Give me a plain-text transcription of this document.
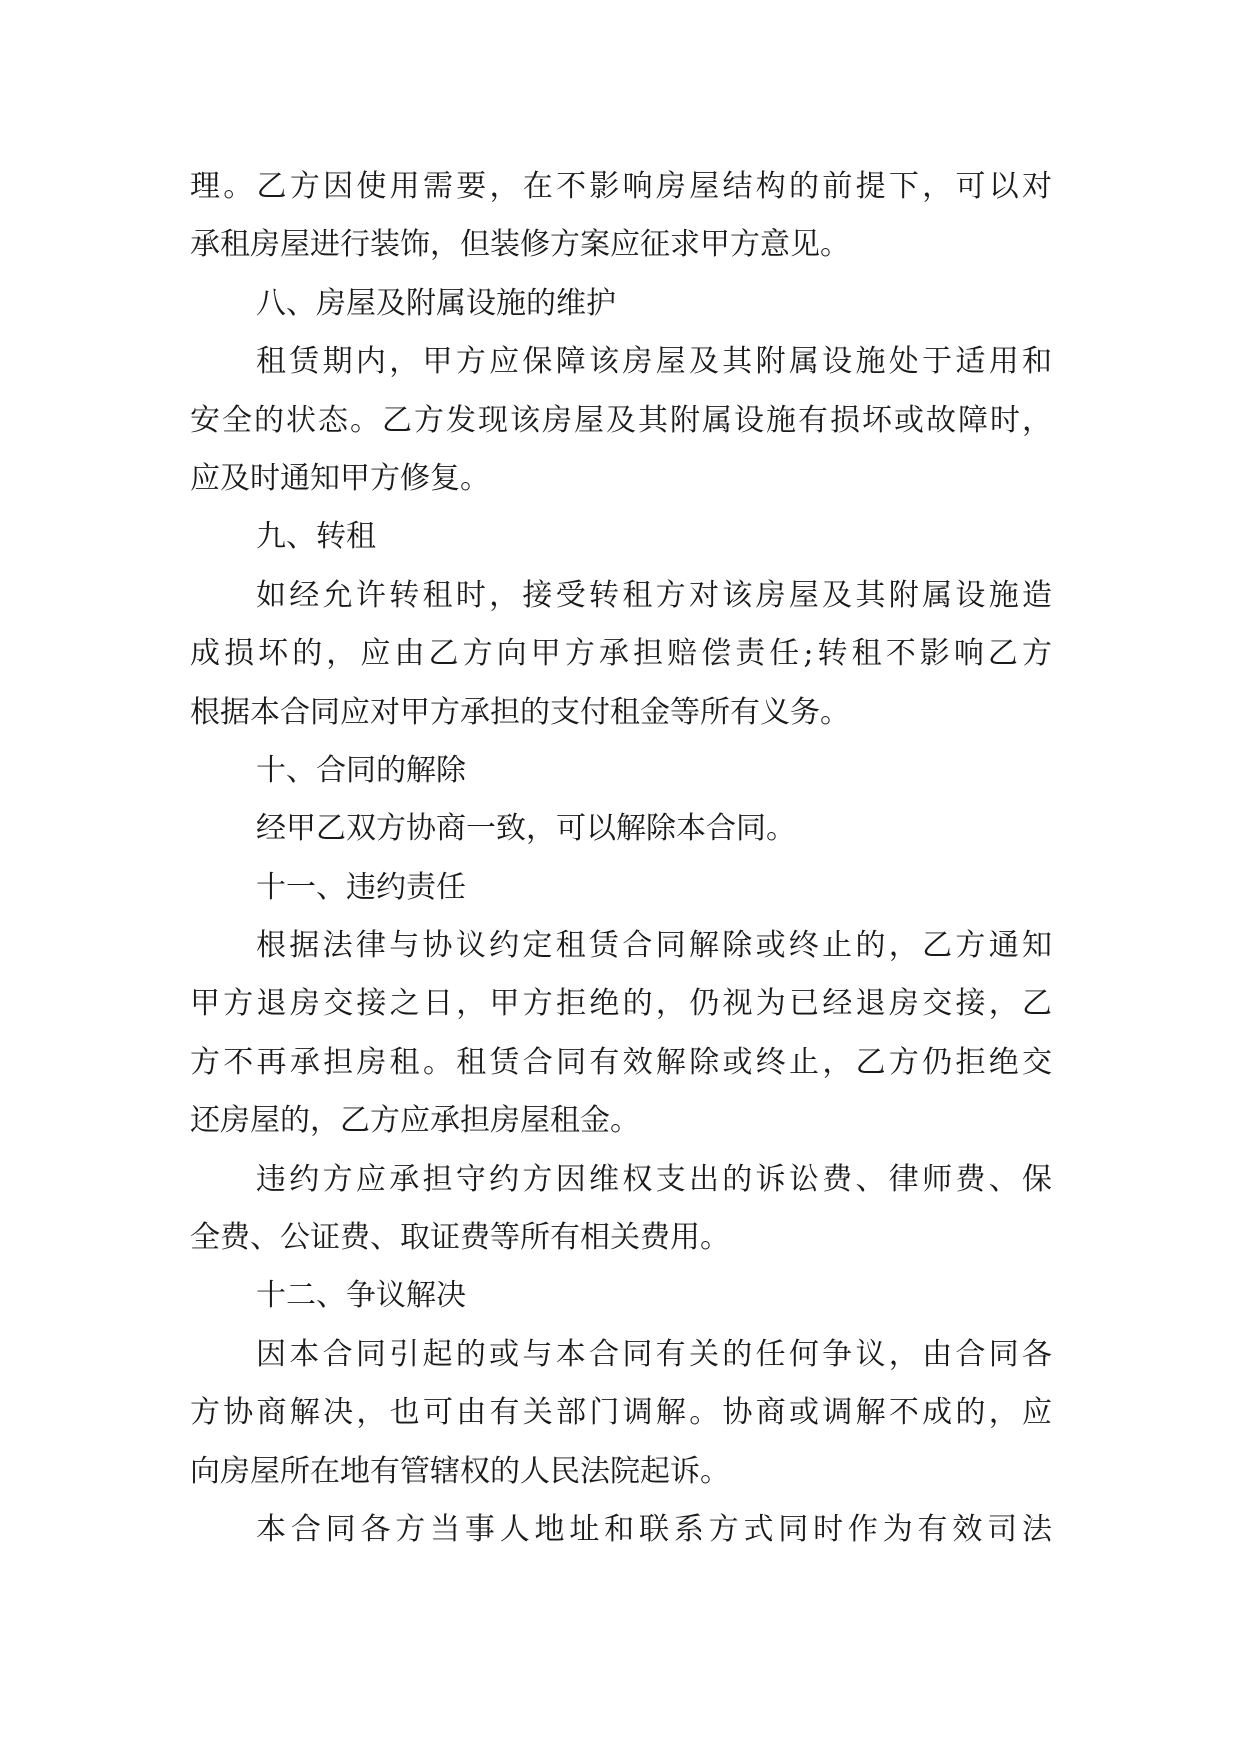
理。乙方因使用需要，在不影响房屋结构的前提下，可以对
承租房屋进行装饰，但装修方案应征求甲方意见。
八、房屋及附属设施的维护
租赁期内，甲方应保障该房屋及其附属设施处于适用和
安全的状态。乙方发现该房屋及其附属设施有损坏或故障时，
应及时通知甲方修复。
九、转租
如经允许转租时，接受转租方对该房屋及其附属设施造
成损坏的，应由乙方向甲方承担赔偿责任;转租不影响乙方
根据本合同应对甲方承担的支付租金等所有义务。
十、合同的解除
经甲乙双方协商一致，可以解除本合同。
十一、违约责任
根据法律与协议约定租赁合同解除或终止的，乙方通知
甲方退房交接之日，甲方拒绝的，仍视为已经退房交接，乙
方不再承担房租。租赁合同有效解除或终止，乙方仍拒绝交
还房屋的，乙方应承担房屋租金。
违约方应承担守约方因维权支出的诉讼费、律师费、保
全费、公证费、取证费等所有相关费用。
十二、争议解决
因本合同引起的或与本合同有关的任何争议，由合同各
方协商解决，也可由有关部门调解。协商或调解不成的，应
向房屋所在地有管辖权的人民法院起诉。
本合同各方当事人地址和联系方式同时作为有效司法
